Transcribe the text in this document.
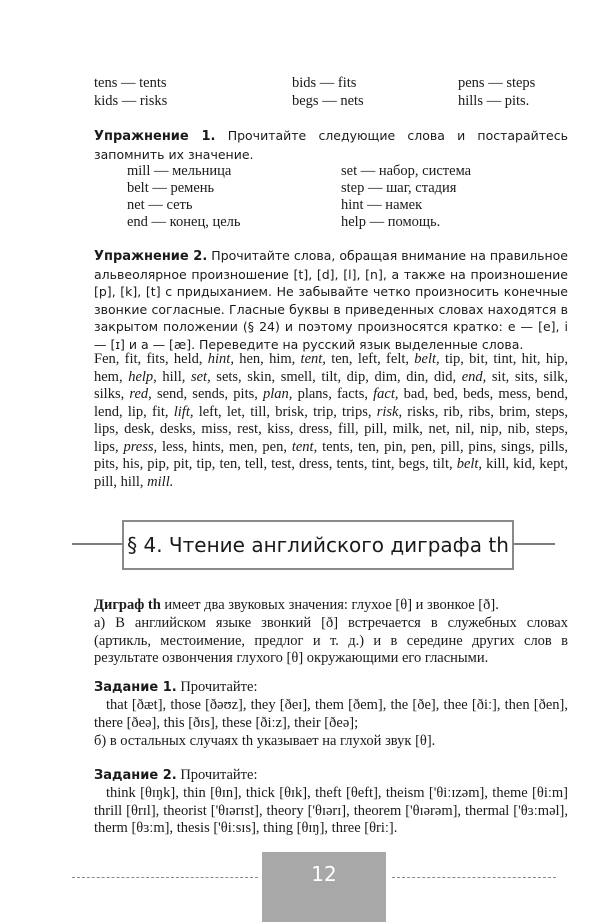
tens — tents	bids — fits	pens — steps
kids — risks	begs — nets	hills — pits.
Упражнение 1. Прочитайте следующие слова и постарайтесь запомнить их значение.
mill — мельница	set — набор, система
belt — ремень	step — шаг, стадия
net — сеть	hint — намек
end — конец, цель	help — помощь.
Упражнение 2. Прочитайте слова, обращая внимание на правильное альвеолярное произношение [t], [d], [l], [n], а также на произношение [p], [k], [t] с придыханием. Не забывайте четко произносить конечные звонкие согласные. Гласные буквы в приведенных словах находятся в закрытом положении (§ 24) и поэтому произносятся кратко: e — [e], i — [ɪ] и a — [æ]. Переведите на русский язык выделенные слова.
Fen, fit, fits, held, hint, hen, him, tent, ten, left, felt, belt, tip, bit, tint, hit, hip, hem, help, hill, set, sets, skin, smell, tilt, dip, dim, din, did, end, sit, sits, silk, silks, red, send, sends, pits, plan, plans, facts, fact, bad, bed, beds, mess, bend, lend, lip, fit, lift, left, let, till, brisk, trip, trips, risk, risks, rib, ribs, brim, steps, lips, desk, desks, miss, rest, kiss, dress, fill, pill, milk, net, nil, nip, nib, steps, lips, press, less, hints, men, pen, tent, tents, ten, pin, pen, pill, pins, sings, pills, pits, his, pip, pit, tip, ten, tell, test, dress, tents, tint, begs, tilt, belt, kill, kid, kept, pill, hill, mill.
§ 4. Чтение английского диграфа th
Диграф th имеет два звуковых значения: глухое [θ] и звонкое [ð].
а) В английском языке звонкий [ð] встречается в служебных словах (артикль, местоимение, предлог и т. д.) и в середине других слов в результате озвончения глухого [θ] окружающими его гласными.
Задание 1. Прочитайте:
that [ðæt], those [ðəʊz], they [ðeɪ], them [ðem], the [ðe], thee [ðiː], then [ðen], there [ðeə], this [ðɪs], these [ðiːz], their [ðeə];
б) в остальных случаях th указывает на глухой звук [θ].
Задание 2. Прочитайте:
think [θɪŋk], thin [θɪn], thick [θɪk], theft [θeft], theism ['θiːɪzəm], theme [θiːm] thrill [θrɪl], theorist ['θɪərɪst], theory ['θɪərɪ], theorem ['θɪərəm], thermal ['θɜːməl], therm [θɜːm], thesis ['θiːsɪs], thing [θɪŋ], three [θriː].
12
